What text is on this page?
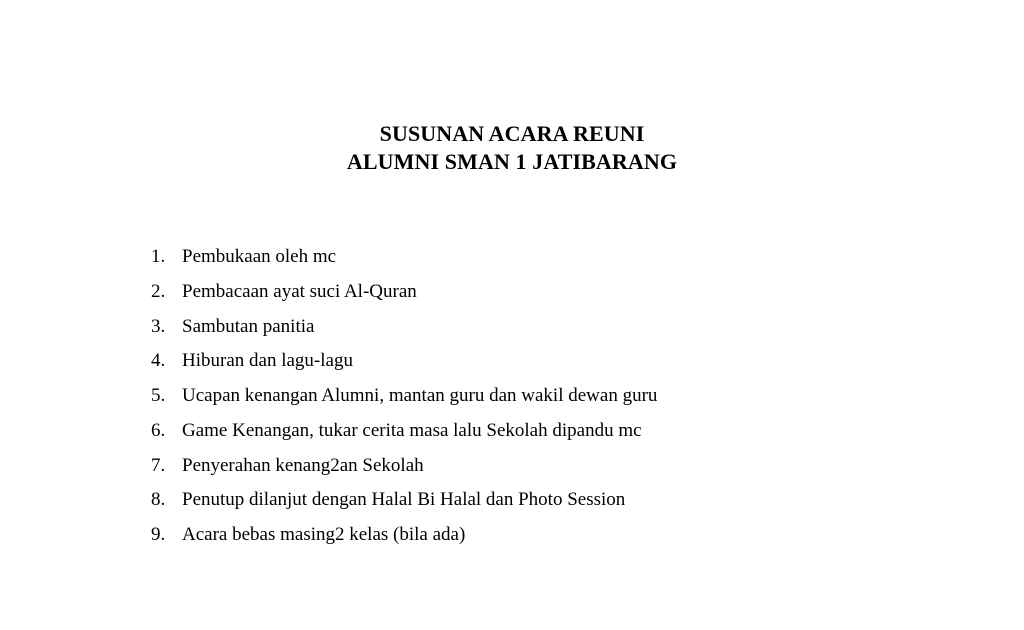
SUSUNAN ACARA REUNI
ALUMNI SMAN 1 JATIBARANG
1. Pembukaan oleh mc
2. Pembacaan ayat suci Al-Quran
3. Sambutan panitia
4. Hiburan dan lagu-lagu
5. Ucapan kenangan Alumni, mantan guru dan wakil dewan guru
6. Game Kenangan, tukar cerita masa lalu Sekolah dipandu mc
7. Penyerahan kenang2an Sekolah
8. Penutup dilanjut dengan Halal Bi Halal dan Photo Session
9. Acara bebas masing2 kelas (bila ada)
